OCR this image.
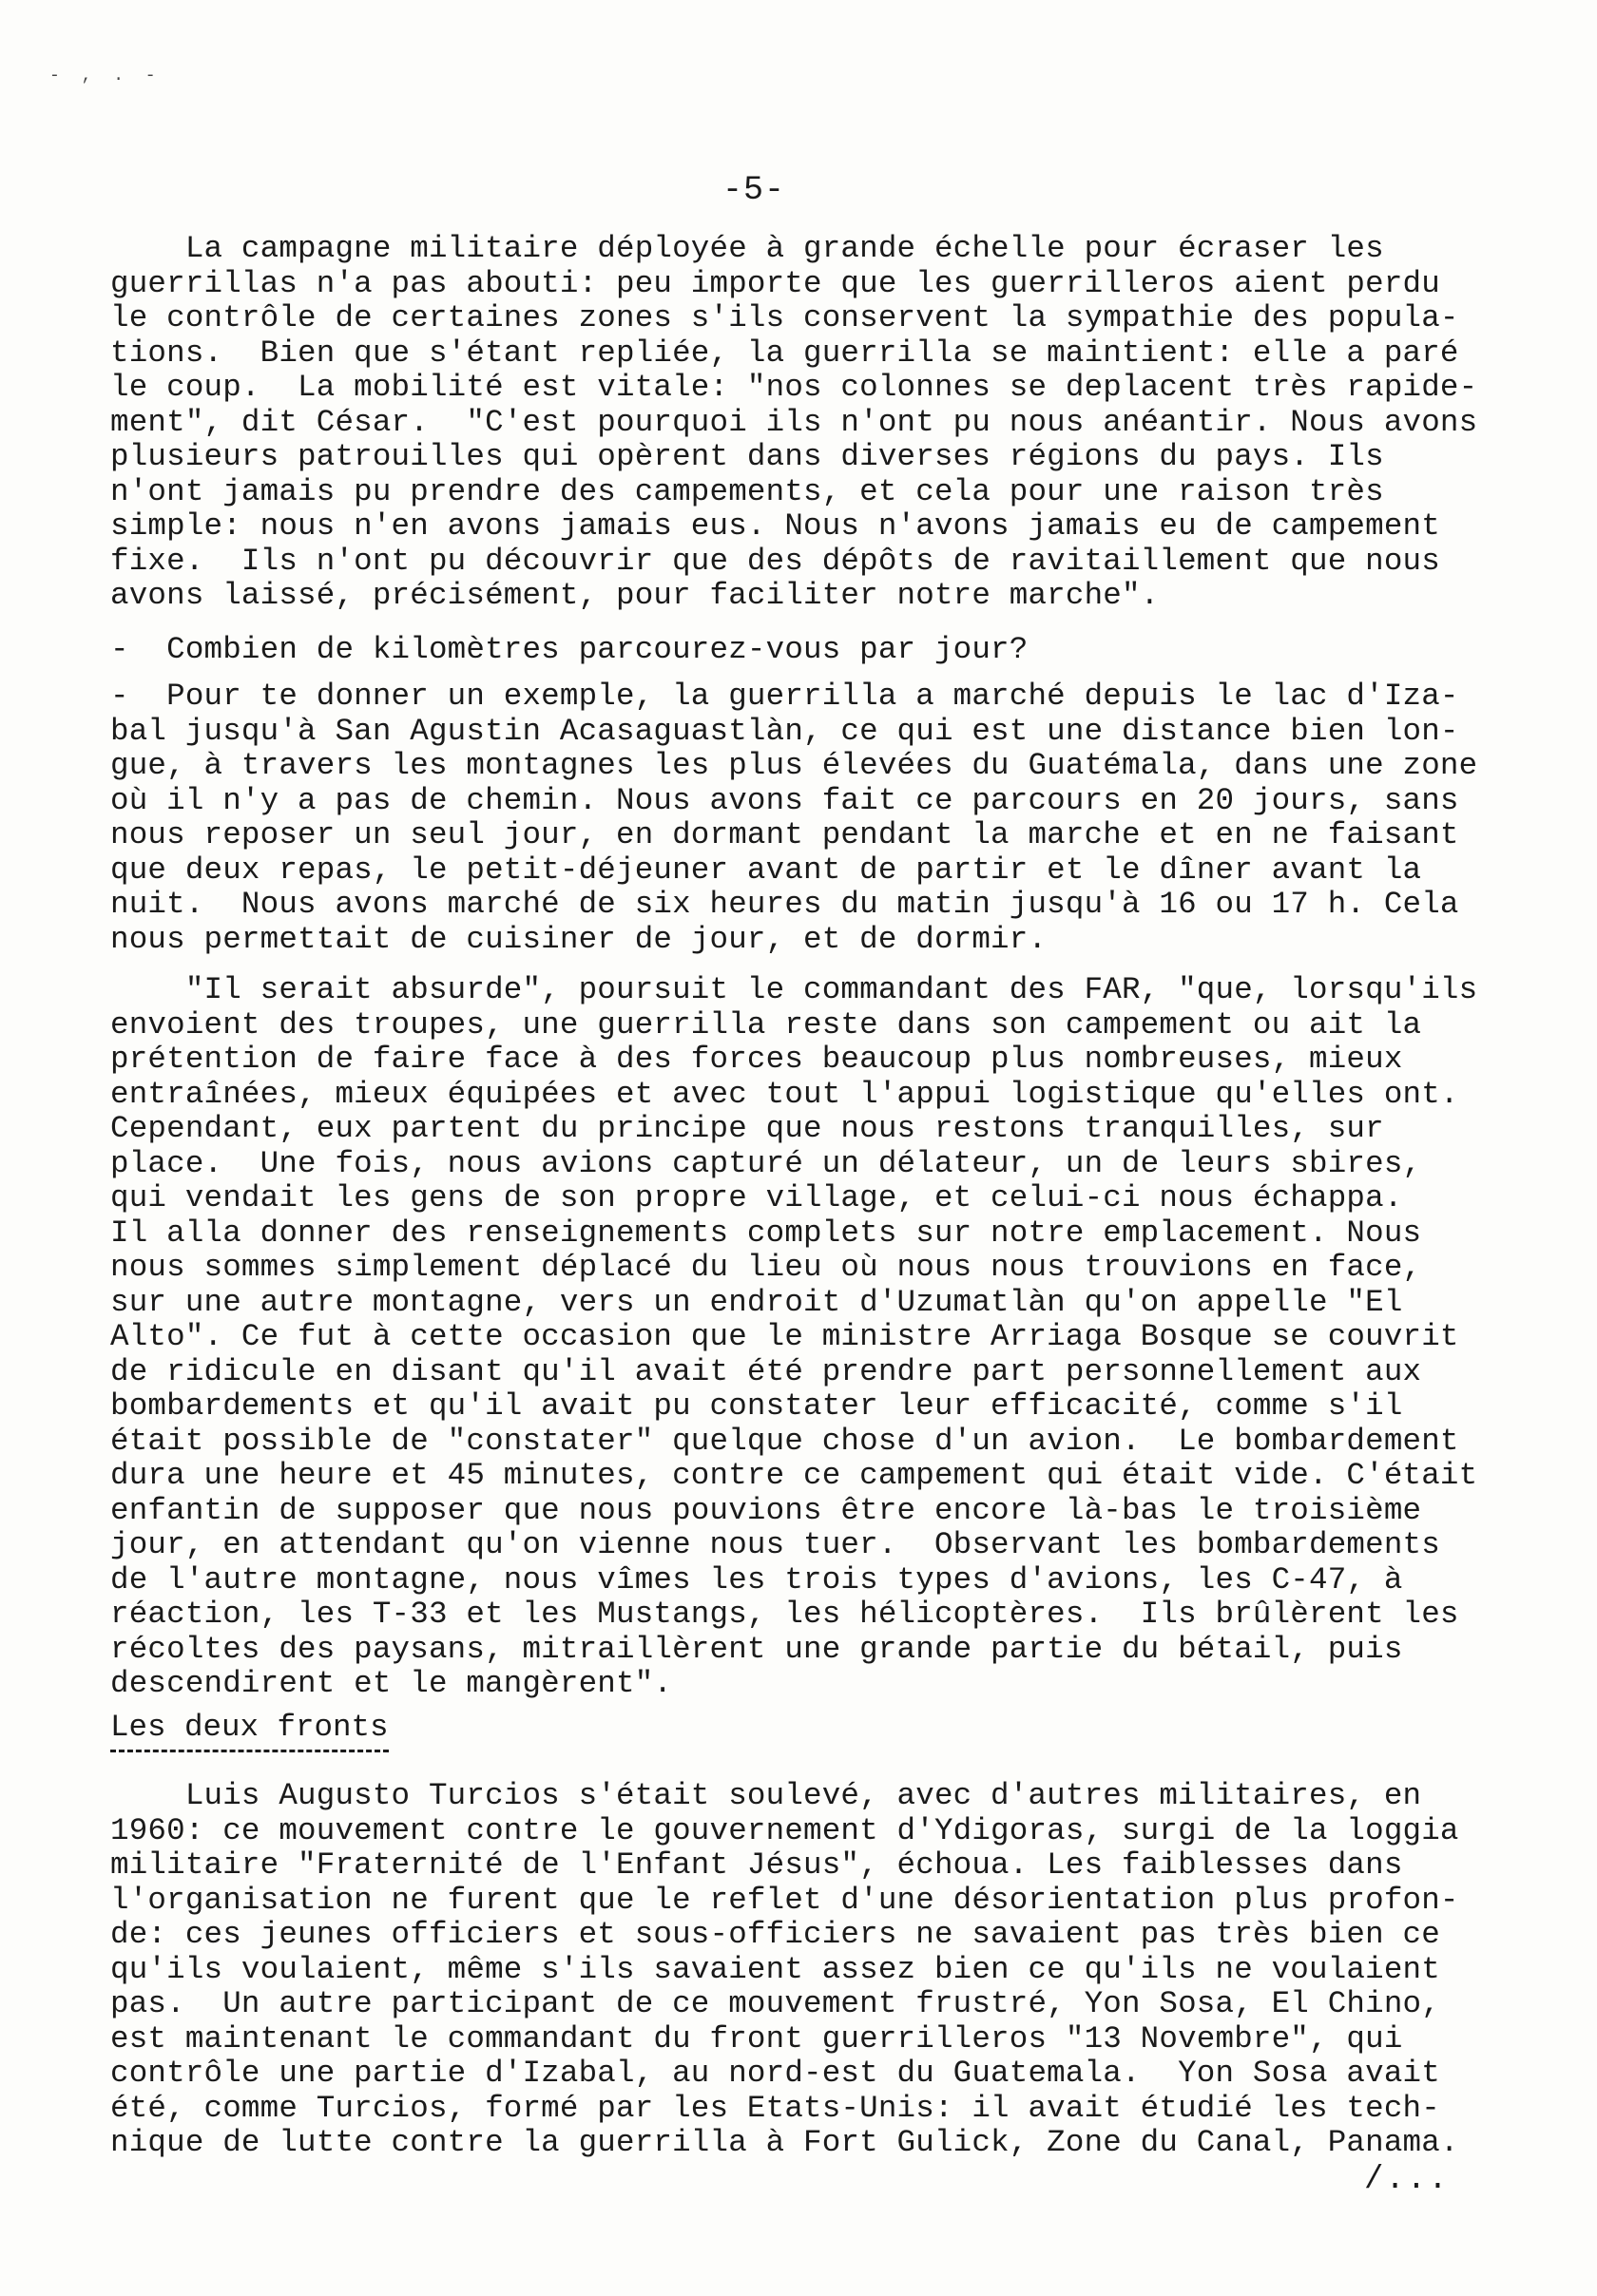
- , . -
-5-
La campagne militaire déployée à grande échelle pour écraser les
guerrillas n'a pas abouti: peu importe que les guerrilleros aient perdu
le contrôle de certaines zones s'ils conservent la sympathie des popula-
tions.  Bien que s'étant repliée, la guerrilla se maintient: elle a paré
le coup.  La mobilité est vitale: "nos colonnes se deplacent très rapide-
ment", dit César.  "C'est pourquoi ils n'ont pu nous anéantir. Nous avons
plusieurs patrouilles qui opèrent dans diverses régions du pays. Ils
n'ont jamais pu prendre des campements, et cela pour une raison très
simple: nous n'en avons jamais eus. Nous n'avons jamais eu de campement
fixe.  Ils n'ont pu découvrir que des dépôts de ravitaillement que nous
avons laissé, précisément, pour faciliter notre marche".
-  Combien de kilomètres parcourez-vous par jour?
-  Pour te donner un exemple, la guerrilla a marché depuis le lac d'Iza-
bal jusqu'à San Agustin Acasaguastlàn, ce qui est une distance bien lon-
gue, à travers les montagnes les plus élevées du Guatémala, dans une zone
où il n'y a pas de chemin. Nous avons fait ce parcours en 20 jours, sans
nous reposer un seul jour, en dormant pendant la marche et en ne faisant
que deux repas, le petit-déjeuner avant de partir et le dîner avant la
nuit.  Nous avons marché de six heures du matin jusqu'à 16 ou 17 h. Cela
nous permettait de cuisiner de jour, et de dormir.
"Il serait absurde", poursuit le commandant des FAR, "que, lorsqu'ils
envoient des troupes, une guerrilla reste dans son campement ou ait la
prétention de faire face à des forces beaucoup plus nombreuses, mieux
entraînées, mieux équipées et avec tout l'appui logistique qu'elles ont.
Cependant, eux partent du principe que nous restons tranquilles, sur
place.  Une fois, nous avions capturé un délateur, un de leurs sbires,
qui vendait les gens de son propre village, et celui-ci nous échappa.
Il alla donner des renseignements complets sur notre emplacement. Nous
nous sommes simplement déplacé du lieu où nous nous trouvions en face,
sur une autre montagne, vers un endroit d'Uzumatlàn qu'on appelle "El
Alto". Ce fut à cette occasion que le ministre Arriaga Bosque se couvrit
de ridicule en disant qu'il avait été prendre part personnellement aux
bombardements et qu'il avait pu constater leur efficacité, comme s'il
était possible de "constater" quelque chose d'un avion.  Le bombardement
dura une heure et 45 minutes, contre ce campement qui était vide. C'était
enfantin de supposer que nous pouvions être encore là-bas le troisième
jour, en attendant qu'on vienne nous tuer.  Observant les bombardements
de l'autre montagne, nous vîmes les trois types d'avions, les C-47, à
réaction, les T-33 et les Mustangs, les hélicoptères.  Ils brûlèrent les
récoltes des paysans, mitraillèrent une grande partie du bétail, puis
descendirent et le mangèrent".
Les deux fronts
Luis Augusto Turcios s'était soulevé, avec d'autres militaires, en
1960: ce mouvement contre le gouvernement d'Ydigoras, surgi de la loggia
militaire "Fraternité de l'Enfant Jésus", échoua. Les faiblesses dans
l'organisation ne furent que le reflet d'une désorientation plus profon-
de: ces jeunes officiers et sous-officiers ne savaient pas très bien ce
qu'ils voulaient, même s'ils savaient assez bien ce qu'ils ne voulaient
pas.  Un autre participant de ce mouvement frustré, Yon Sosa, El Chino,
est maintenant le commandant du front guerrilleros "13 Novembre", qui
contrôle une partie d'Izabal, au nord-est du Guatemala.  Yon Sosa avait
été, comme Turcios, formé par les Etats-Unis: il avait étudié les tech-
nique de lutte contre la guerrilla à Fort Gulick, Zone du Canal, Panama.
/...
